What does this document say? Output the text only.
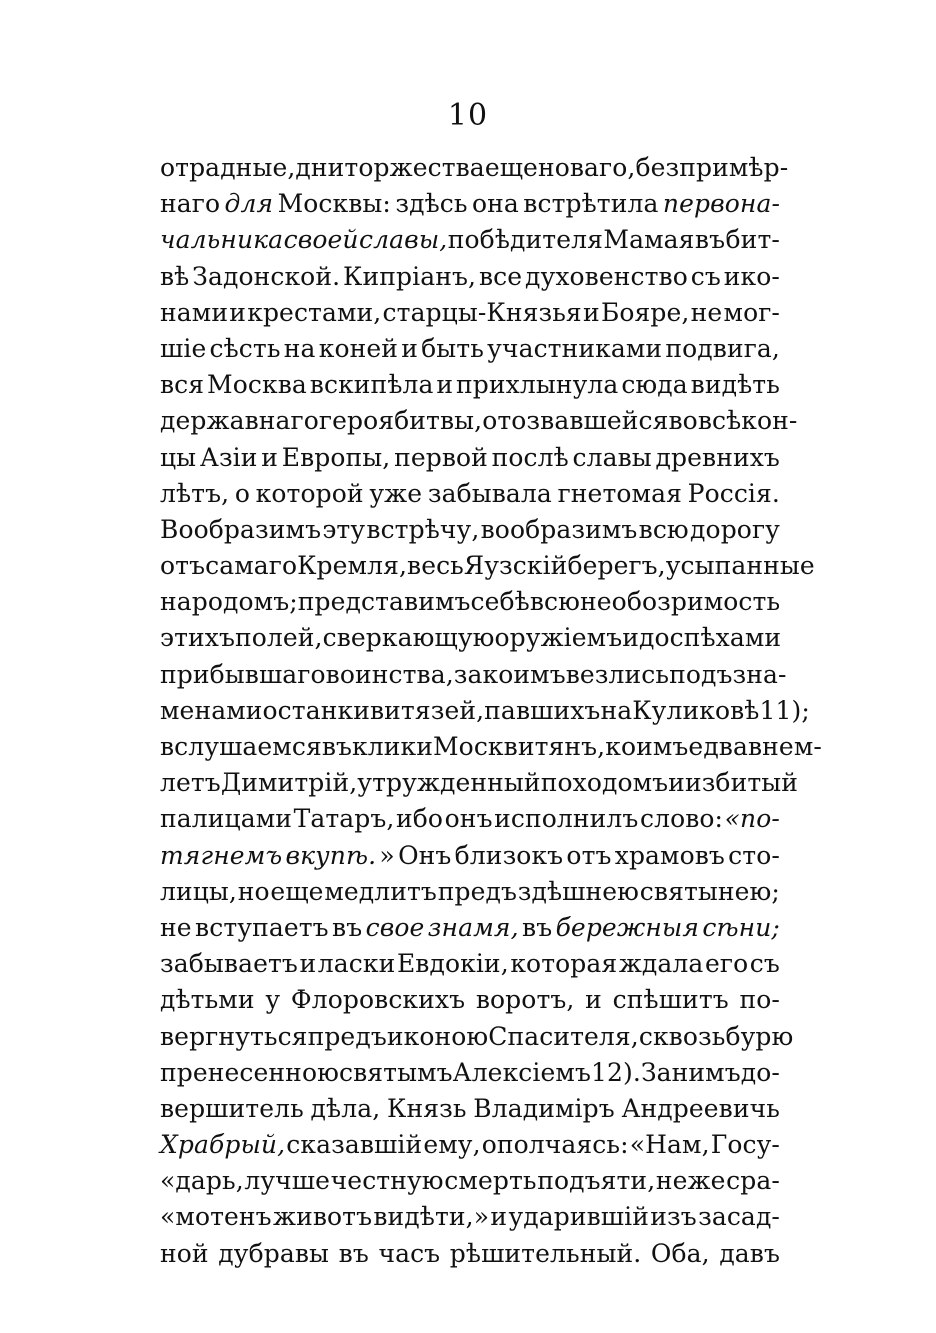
10
отрадные, дни торжества еще новаго, безпримѣр-
наго для Москвы: здѣсь она встрѣтила первона-
чальника своей славы, побѣдителя Мамая въ бит-
вѣ Задонской. Кипріанъ, все духовенство съ ико-
нами и крестами, старцы-Князья и Бояре, не мог-
шіе сѣсть на коней и быть участниками подвига,
вся Москва вскипѣла и прихлынула сюда видѣть
державнаго героя битвы, отозвавшейся во всѣ кон-
цы Азіи и Европы, первой послѣ славы древнихъ
лѣтъ, о которой уже забывала гнетомая Россія.
Вообразимъ эту встрѣчу, вообразимъ всю дорогу
отъ самаго Кремля, весь Яузскій берегъ, усыпанные
народомъ; представимъ себѣ всю необозримость
этихъ полей, сверкающую оружіемъ и доспѣхами
прибывшаго воинства, за коимъ везлись подъ зна-
менами останки витязей, павшихъ на Куликовѣ 11);
вслушаемся въ клики Москвитянъ, коимъ едва внем-
летъ Димитрій, утружденный походомъ и избитый
палицами Татаръ, ибо онъ исполнилъ слово: «по-
тягнемъ вкупѣ. » Онъ близокъ отъ храмовъ сто-
лицы, но еще медлитъ предъ здѣшнею святынею;
не вступаетъ въ свое знамя, въ бережныя сѣни;
забываетъ и ласки Евдокіи, которая ждала его съ
дѣтьми у Флоровскихъ воротъ, и спѣшитъ по-
вергнуться предъ иконою Спасителя, сквозь бурю
пренесенною святымъ Алексіемъ 12). За нимъ до-
вершитель дѣла, Князь Владиміръ Андреевичь
Храбрый, сказавшій ему, ополчаясь: «Нам, Госу-
«дарь, лучше честную смерть подъяти, неже сра-
«мотенъ животъ видѣти,» и ударившій изъ засад-
ной дубравы въ часъ рѣшительный. Оба, давъ
